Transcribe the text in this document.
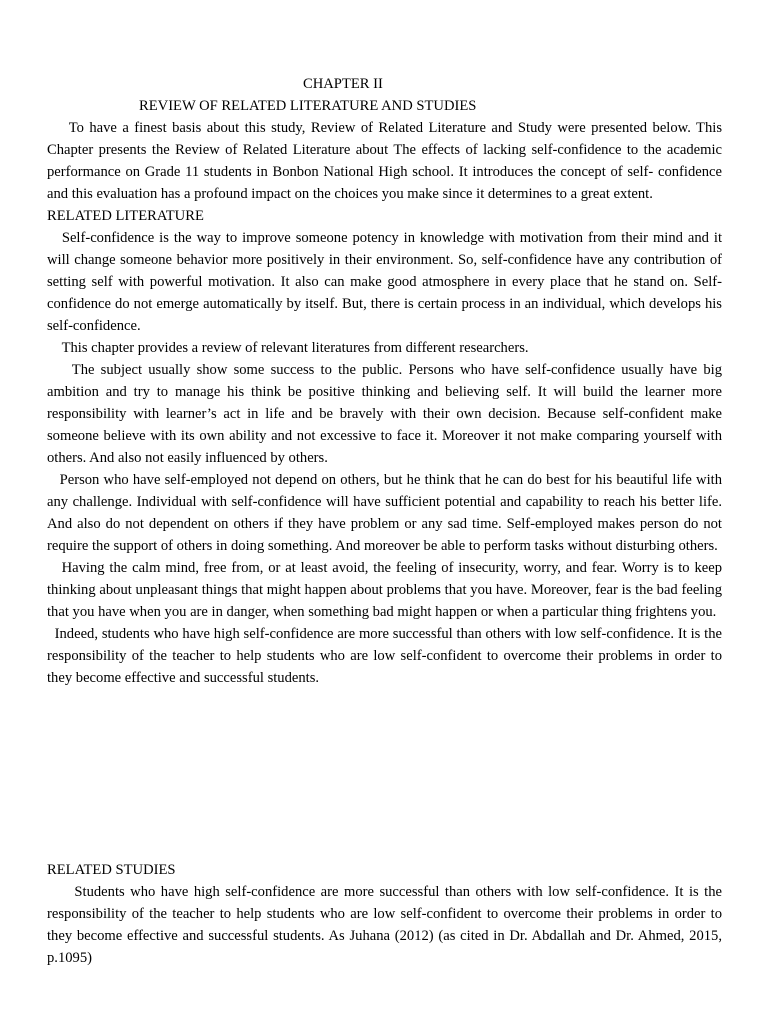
CHAPTER II
REVIEW OF RELATED LITERATURE AND STUDIES

To have a finest basis about this study, Review of Related Literature and Study were presented below. This Chapter presents the Review of Related Literature about The effects of lacking self-confidence to the academic performance on Grade 11 students in Bonbon National High school. It introduces the concept of self- confidence and this evaluation has a profound impact on the choices you make since it determines to a great extent.

RELATED LITERATURE

Self-confidence is the way to improve someone potency in knowledge with motivation from their mind and it will change someone behavior more positively in their environment. So, self-confidence have any contribution of setting self with powerful motivation. It also can make good atmosphere in every place that he stand on. Self-confidence do not emerge automatically by itself. But, there is certain process in an individual, which develops his self-confidence.

This chapter provides a review of relevant literatures from different researchers.

The subject usually show some success to the public. Persons who have self-confidence usually have big ambition and try to manage his think be positive thinking and believing self. It will build the learner more responsibility with learner’s act in life and be bravely with their own decision. Because self-confident make someone believe with its own ability and not excessive to face it. Moreover it not make comparing yourself with others. And also not easily influenced by others.

Person who have self-employed not depend on others, but he think that he can do best for his beautiful life with any challenge. Individual with self-confidence will have sufficient potential and capability to reach his better life. And also do not dependent on others if they have problem or any sad time. Self-employed makes person do not require the support of others in doing something. And moreover be able to perform tasks without disturbing others.

Having the calm mind, free from, or at least avoid, the feeling of insecurity, worry, and fear. Worry is to keep thinking about unpleasant things that might happen about problems that you have. Moreover, fear is the bad feeling that you have when you are in danger, when something bad might happen or when a particular thing frightens you.

Indeed, students who have high self-confidence are more successful than others with low self-confidence. It is the responsibility of the teacher to help students who are low self-confident to overcome their problems in order to they become effective and successful students.

RELATED STUDIES

Students who have high self-confidence are more successful than others with low self-confidence. It is the responsibility of the teacher to help students who are low self-confident to overcome their problems in order to they become effective and successful students. As Juhana (2012) (as cited in Dr. Abdallah and Dr. Ahmed, 2015, p.1095)
